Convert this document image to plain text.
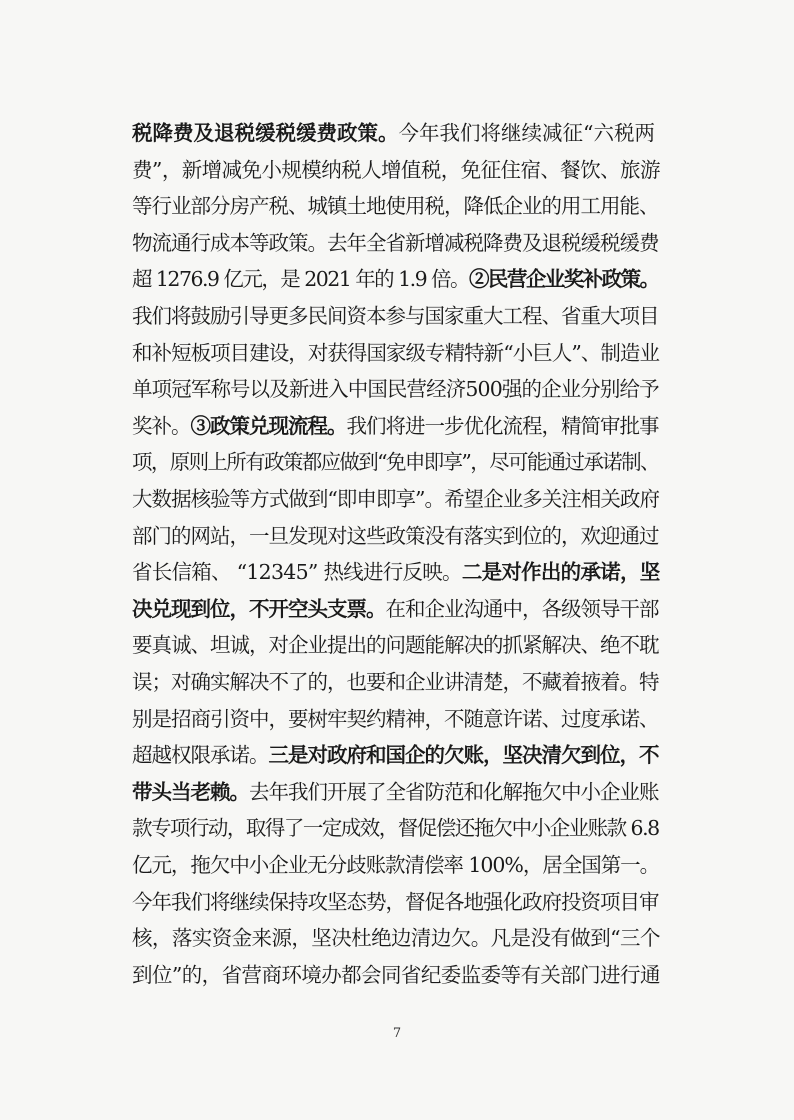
税降费及退税缓税缓费政策。今年我们将继续减征“六税两
费”，新增减免小规模纳税人增值税，免征住宿、餐饮、旅游
等行业部分房产税、城镇土地使用税，降低企业的用工用能、
物流通行成本等政策。去年全省新增减税降费及退税缓税缓费
超 1276.9 亿元，是 2021 年的 1.9 倍。②民营企业奖补政策。
我们将鼓励引导更多民间资本参与国家重大工程、省重大项目
和补短板项目建设，对获得国家级专精特新“小巨人”、制造业
单项冠军称号以及新进入中国民营经济500强的企业分别给予
奖补。③政策兑现流程。我们将进一步优化流程，精简审批事
项，原则上所有政策都应做到“免申即享”，尽可能通过承诺制、
大数据核验等方式做到“即申即享”。希望企业多关注相关政府
部门的网站，一旦发现对这些政策没有落实到位的，欢迎通过
省长信箱、 “12345” 热线进行反映。二是对作出的承诺，坚
决兑现到位，不开空头支票。在和企业沟通中，各级领导干部
要真诚、坦诚，对企业提出的问题能解决的抓紧解决、绝不耽
误；对确实解决不了的，也要和企业讲清楚，不藏着掖着。特
别是招商引资中，要树牢契约精神，不随意许诺、过度承诺、
超越权限承诺。三是对政府和国企的欠账，坚决清欠到位，不
带头当老赖。去年我们开展了全省防范和化解拖欠中小企业账
款专项行动，取得了一定成效，督促偿还拖欠中小企业账款 6.8
亿元，拖欠中小企业无分歧账款清偿率 100%，居全国第一。
今年我们将继续保持攻坚态势，督促各地强化政府投资项目审
核，落实资金来源，坚决杜绝边清边欠。凡是没有做到“三个
到位”的，省营商环境办都会同省纪委监委等有关部门进行通
7
